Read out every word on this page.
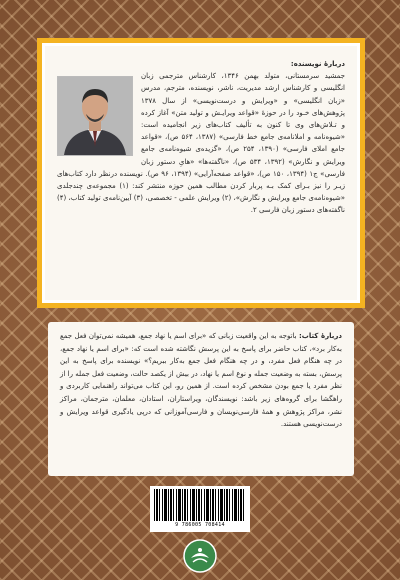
دربارهٔ نویسنده:
جمشید سرمستانی، متولد بهمن ۱۳۴۶، کارشناس مترجمی زبان انگلیسی و کارشناس ارشد مدیریت، ناشر، نویسنده، مترجم، مدرس «زبان انگلیسی» و «ویرایش و درست‌نویسی» از سال ۱۳۷۸ پژوهش‌های خـود را در حوزهٔ «قواعد ویرایـش و تولید متن» آغاز کرده و تـلاش‌های وی تا کنون به تألیف کتاب‌های زیر انجامیده است: «شیوه‌نامه و املانامه‌ی جامع خط فارسی» (۱۳۸۷، ۵۶۴ ص)، «قواعد جامع املای فارسی» (۱۳۹۰، ۲۵۴ ص)، «گزیده‌ی شیوه‌نامه‌ی جامع ویرایش و نگارش» (۱۳۹۲، ۵۳۴ ص)، «ناگفته‌ها» «هایِ دستور زبان فارسی» ج۱ (۱۳۹۴، ۱۵۰ ص)، «قواعد صفحه‌آرایی» (۱۳۹۴، ۹۶ ص). نویسنده درنظر دارد کتاب‌های زیـر را نیز بـرای کمک بـه پربار کردن مطالب همین حوزه منتشر کند: (۱) مجموعه‌ی چندجلدی «شیوه‌نامه‌ی جامع ویرایش و نگارش»، (۲) ویرایش علمی - تخصصی، (۳) آیین‌نامه‌ی تولید کتاب، (۴) ناگفته‌های دستور زبان فارسی ۲.
دربارهٔ کتاب: باتوجه به این واقعیت زبانی که «برای اسم یا نهاد جمع، همیشه نمی‌توان فعل جمع به‌کار برد»، کتاب حاضر برای پاسخ به این پرسش نگاشته شده است که: «برای اسم یا نهاد جمع، در چه هنگام فعل مفرد، و در چه هنگام فعل جمع به‌کار ببریم؟» نویسنده برای پاسخ به این پرسش، بسته به وضعیت جمله و نوع اسم یا نهاد، در بیش از یکصد حالت، وضعیت فعل جمله را از نظر مفرد یا جمع بودن مشخص کرده است. از همین رو، این کتاب می‌تواند راهنمایی کاربردی و راهگشا برای گروه‌های زیر باشد: نویسندگان، ویراستاران، استادان، معلمان، مترجمان، مراکز نشر، مراکز پژوهش و همهٔ فارسی‌نویسان و فارسی‌آموزانی که درپی یادگیری قواعد ویرایش و درست‌نویسی هستند.
9 786005 708414
